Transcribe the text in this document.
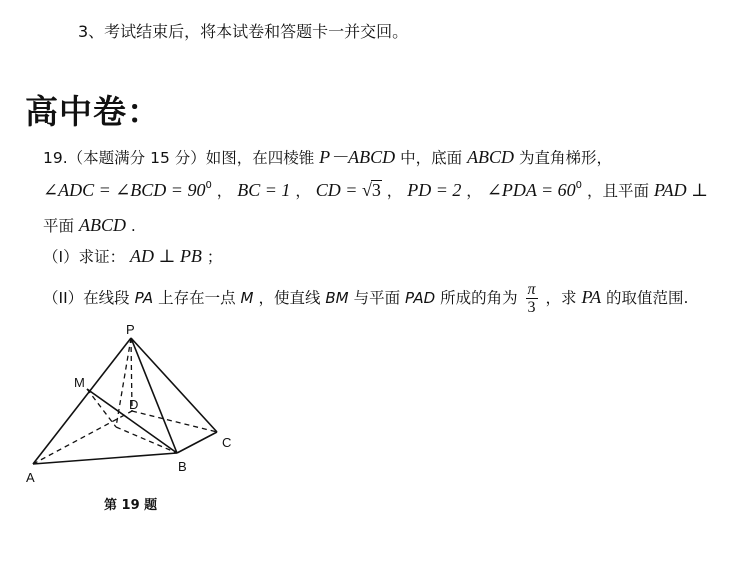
3、考试结束后，将本试卷和答题卡一并交回。
高中卷：
19.（本题满分 15 分）如图，在四棱锥 P－ABCD 中，底面 ABCD 为直角梯形，
∠ADC = ∠BCD = $90^0$ ， BC = 1 ， CD = √3 ， PD = 2 ， ∠PDA = $60^0$ ，且平面 PAD ⊥
平面 ABCD .
（I）求证： AD ⊥ PB ；
（II）在线段 PA 上存在一点 M ，使直线 BM 与平面 PAD 所成的角为 $\frac{\pi}{3}$ ，求 PA 的取值范围.
P
M
D
A
B
C
第 19 题
